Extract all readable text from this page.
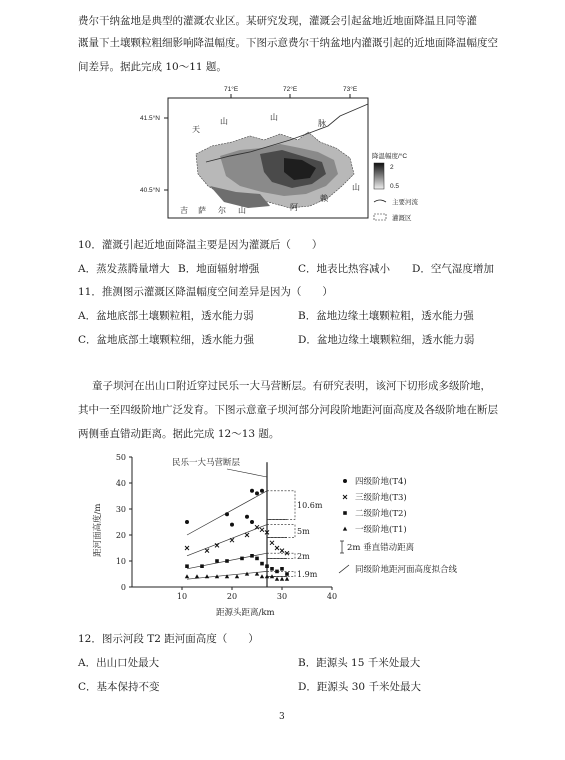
费尔干纳盆地是典型的灌溉农业区。某研究发现，灌溉会引起盆地近地面降温且同等灌
溉量下土壤颗粒粗细影响降温幅度。下图示意费尔干纳盆地内灌溉引起的近地面降温幅度空
间差异。据此完成 10～11 题。
降温幅度/°C
2
0.5
主要河流
灌溉区
71°E	72°E	73°E
41.5°N
40.5°N
天
山	山
脉
山
吉 萨 尔 山	阿
赖
10．灌溉引起近地面降温主要是因为灌溉后（　　）
A．蒸发蒸腾量增大 B．地面辐射增强	C．地表比热容减小 D．空气湿度增加
11．推测图示灌溉区降温幅度空间差异是因为（　　）
A．盆地底部土壤颗粒粗，透水能力弱	B．盆地边缘土壤颗粒粗，透水能力强
C．盆地底部土壤颗粒细，透水能力强	D．盆地边缘土壤颗粒细，透水能力弱
童子坝河在出山口附近穿过民乐一大马营断层。有研究表明，该河下切形成多级阶地，
其中一至四级阶地广泛发育。下图示意童子坝河部分河段阶地距河面高度及各级阶地在断层
两侧垂直错动距离。据此完成 12～13 题。
50
40
30
20
10
0
10	20	30	40
10.6m
5m
2m
1.9m
四级阶地(T4)
三级阶地(T3)
二级阶地(T2)
一级阶地(T1)
2m 垂直错动距离
同级阶地距河面高度拟合线
民乐一大马营断层
距源头距离/km
距河面高度/m
12．图示河段 T2 距河面高度（　　）
A．出山口处最大	B．距源头 15 千米处最大
C．基本保持不变	D．距源头 30 千米处最大
3
